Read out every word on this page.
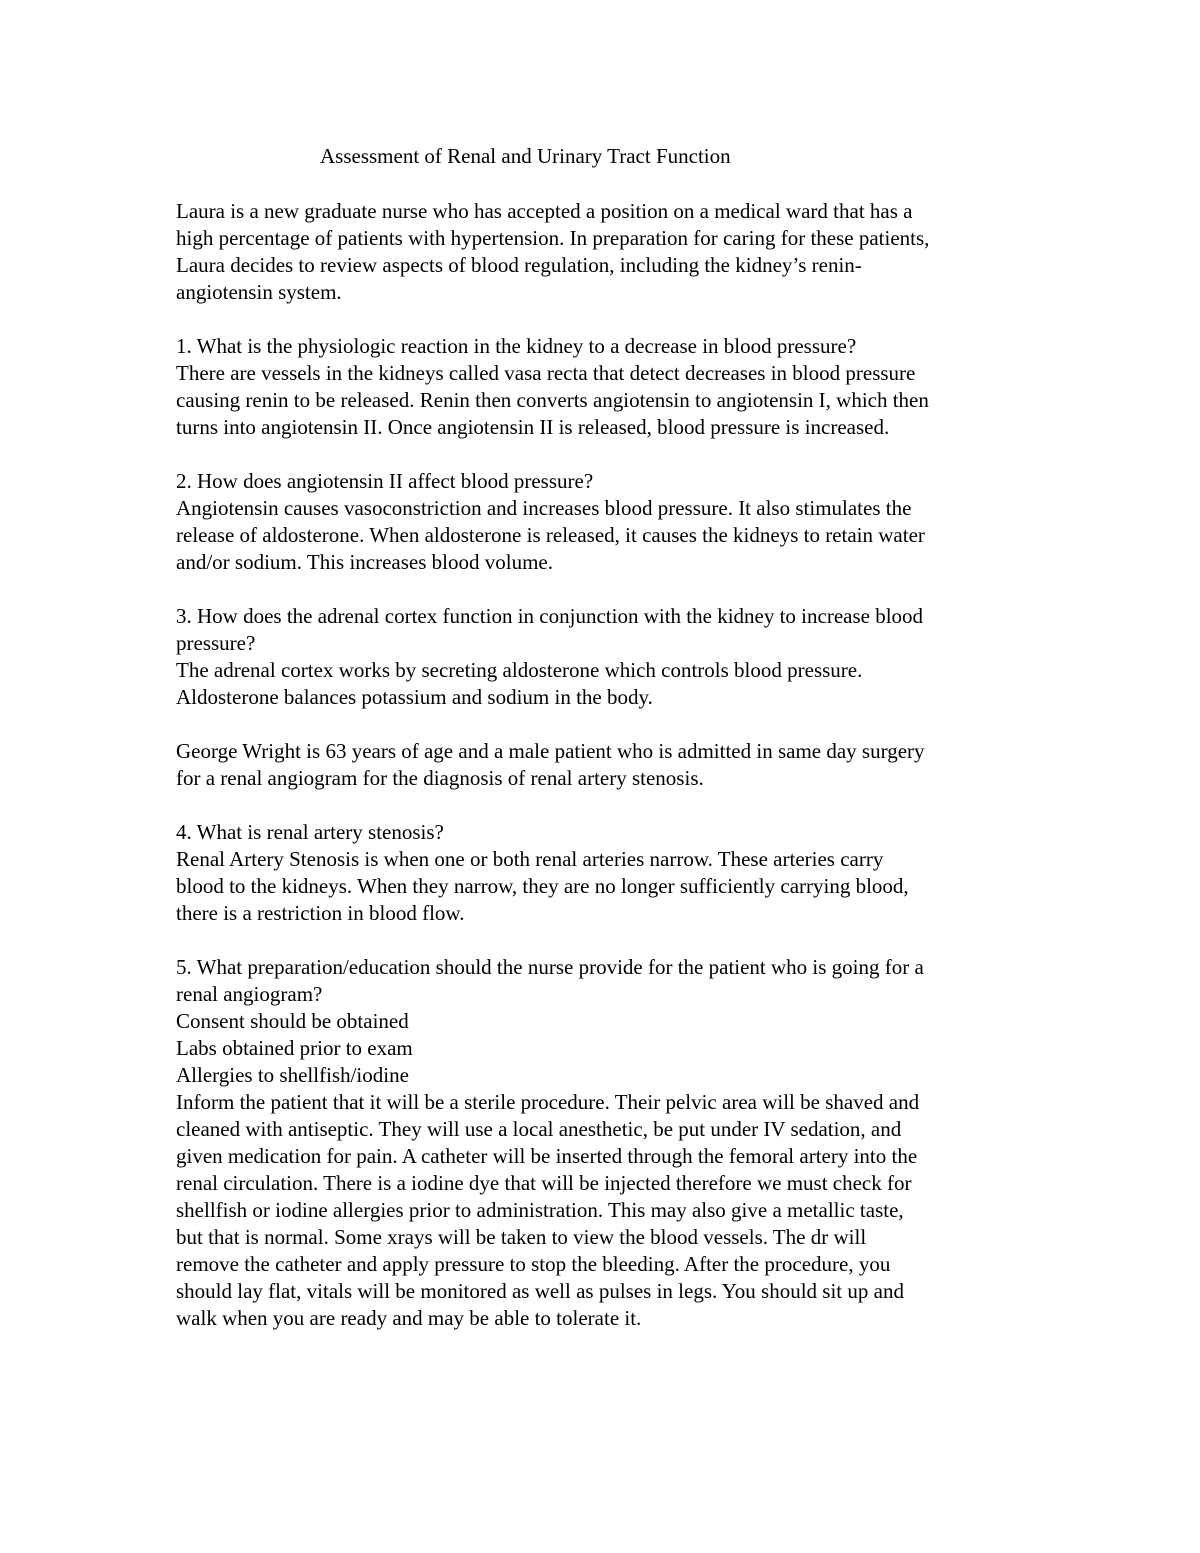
Assessment of Renal and Urinary Tract Function
Laura is a new graduate nurse who has accepted a position on a medical ward that has a
high percentage of patients with hypertension. In preparation for caring for these patients,
Laura decides to review aspects of blood regulation, including the kidney’s renin-
angiotensin system.
1. What is the physiologic reaction in the kidney to a decrease in blood pressure?
There are vessels in the kidneys called vasa recta that detect decreases in blood pressure
causing renin to be released. Renin then converts angiotensin to angiotensin I, which then
turns into angiotensin II. Once angiotensin II is released, blood pressure is increased.
2. How does angiotensin II affect blood pressure?
Angiotensin causes vasoconstriction and increases blood pressure. It also stimulates the
release of aldosterone. When aldosterone is released, it causes the kidneys to retain water
and/or sodium. This increases blood volume.
3. How does the adrenal cortex function in conjunction with the kidney to increase blood
pressure?
The adrenal cortex works by secreting aldosterone which controls blood pressure.
Aldosterone balances potassium and sodium in the body.
George Wright is 63 years of age and a male patient who is admitted in same day surgery
for a renal angiogram for the diagnosis of renal artery stenosis.
4. What is renal artery stenosis?
Renal Artery Stenosis is when one or both renal arteries narrow. These arteries carry
blood to the kidneys. When they narrow, they are no longer sufficiently carrying blood,
there is a restriction in blood flow.
5. What preparation/education should the nurse provide for the patient who is going for a
renal angiogram?
Consent should be obtained
Labs obtained prior to exam
Allergies to shellfish/iodine
Inform the patient that it will be a sterile procedure. Their pelvic area will be shaved and
cleaned with antiseptic. They will use a local anesthetic, be put under IV sedation, and
given medication for pain. A catheter will be inserted through the femoral artery into the
renal circulation. There is a iodine dye that will be injected therefore we must check for
shellfish or iodine allergies prior to administration. This may also give a metallic taste,
but that is normal. Some xrays will be taken to view the blood vessels. The dr will
remove the catheter and apply pressure to stop the bleeding. After the procedure, you
should lay flat, vitals will be monitored as well as pulses in legs. You should sit up and
walk when you are ready and may be able to tolerate it.
